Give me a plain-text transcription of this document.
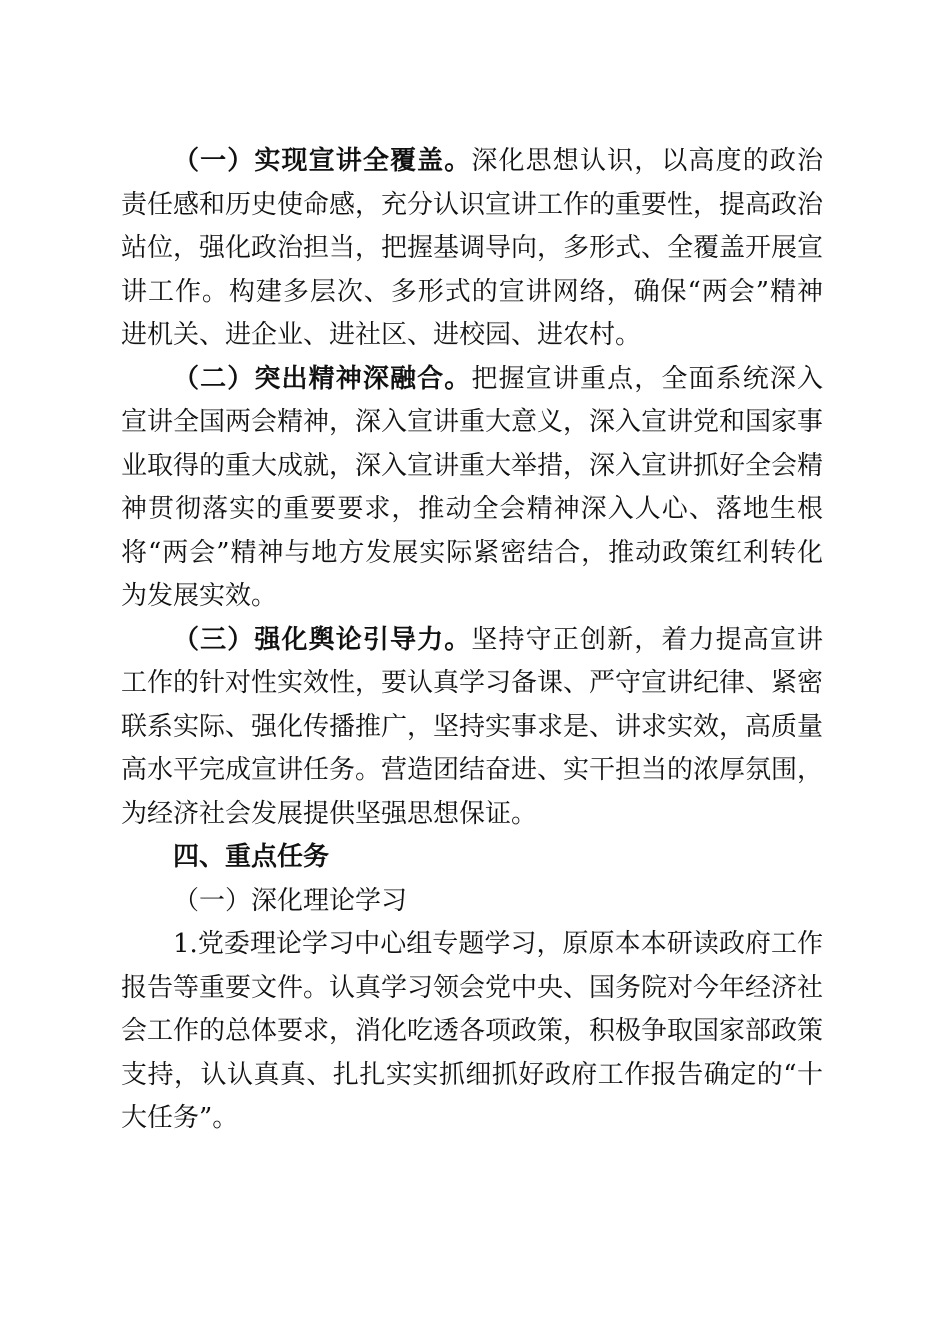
（一）实现宣讲全覆盖。深化思想认识，以高度的政治责任感和历史使命感，充分认识宣讲工作的重要性，提高政治站位，强化政治担当，把握基调导向，多形式、全覆盖开展宣讲工作。构建多层次、多形式的宣讲网络，确保“两会”精神进机关、进企业、进社区、进校园、进农村。

（二）突出精神深融合。把握宣讲重点，全面系统深入宣讲全国两会精神，深入宣讲重大意义，深入宣讲党和国家事业取得的重大成就，深入宣讲重大举措，深入宣讲抓好全会精神贯彻落实的重要要求，推动全会精神深入人心、落地生根将“两会”精神与地方发展实际紧密结合，推动政策红利转化为发展实效。

（三）强化舆论引导力。坚持守正创新，着力提高宣讲工作的针对性实效性，要认真学习备课、严守宣讲纪律、紧密联系实际、强化传播推广，坚持实事求是、讲求实效，高质量高水平完成宣讲任务。营造团结奋进、实干担当的浓厚氛围，为经济社会发展提供坚强思想保证。

四、重点任务

（一）深化理论学习

1.党委理论学习中心组专题学习，原原本本研读政府工作报告等重要文件。认真学习领会党中央、国务院对今年经济社会工作的总体要求，消化吃透各项政策，积极争取国家部政策支持，认认真真、扎扎实实抓细抓好政府工作报告确定的“十大任务”。
